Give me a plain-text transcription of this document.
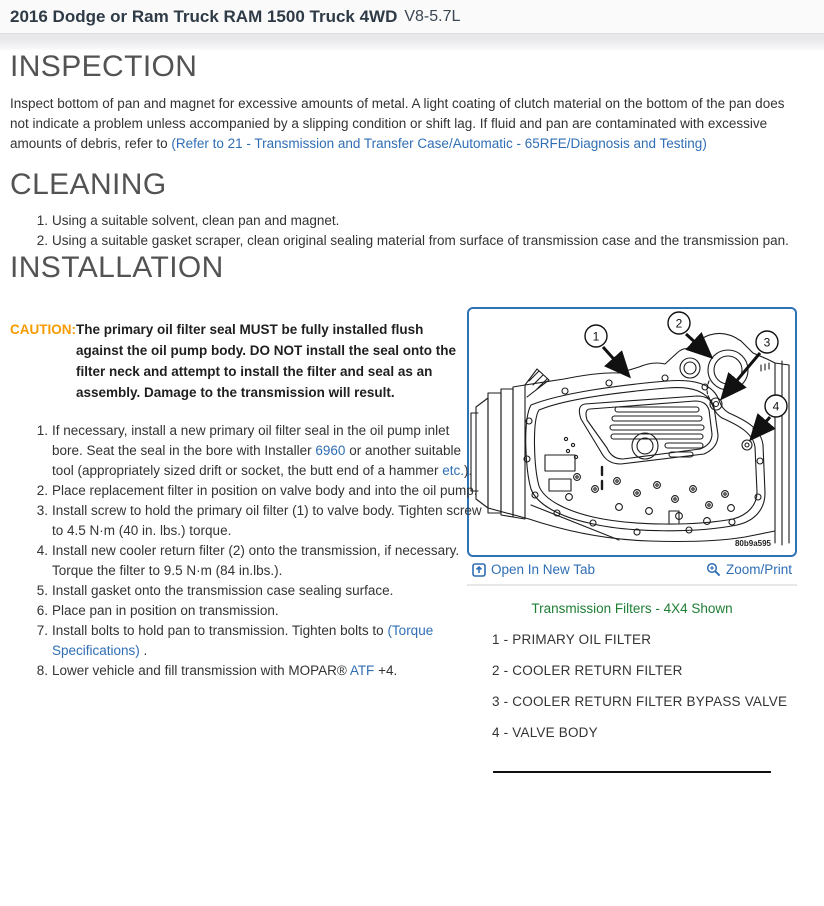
2016 Dodge or Ram Truck RAM 1500 Truck 4WD V8-5.7L
INSPECTION

Inspect bottom of pan and magnet for excessive amounts of metal. A light coating of clutch material on the bottom of the pan does not indicate a problem unless accompanied by a slipping condition or shift lag. If fluid and pan are contaminated with excessive amounts of debris, refer to (Refer to 21 - Transmission and Transfer Case/Automatic - 65RFE/Diagnosis and Testing)

CLEANING
Using a suitable solvent, clean pan and magnet.
Using a suitable gasket scraper, clean original sealing material from surface of transmission case and the transmission pan.
INSTALLATION
CAUTION: The primary oil filter seal MUST be fully installed flush against the oil pump body. DO NOT install the seal onto the filter neck and attempt to install the filter and seal as an assembly. Damage to the transmission will result.
If necessary, install a new primary oil filter seal in the oil pump inlet bore. Seat the seal in the bore with Installer 6960 or another suitable tool (appropriately sized drift or socket, the butt end of a hammer etc.).
Place replacement filter in position on valve body and into the oil pump.
Install screw to hold the primary oil filter (1) to valve body. Tighten screw to 4.5 N·m (40 in. lbs.) torque.
Install new cooler return filter (2) onto the transmission, if necessary. Torque the filter to 9.5 N·m (84 in.lbs.).
Install gasket onto the transmission case sealing surface.
Place pan in position on transmission.
Install bolts to hold pan to transmission. Tighten bolts to (Torque Specifications) .
Lower vehicle and fill transmission with MOPAR® ATF +4.
1
2
3
4
80b9a595
Open In New Tab	Zoom/Print
Transmission Filters - 4X4 Shown
1 - PRIMARY OIL FILTER
2 - COOLER RETURN FILTER
3 - COOLER RETURN FILTER BYPASS VALVE
4 - VALVE BODY
